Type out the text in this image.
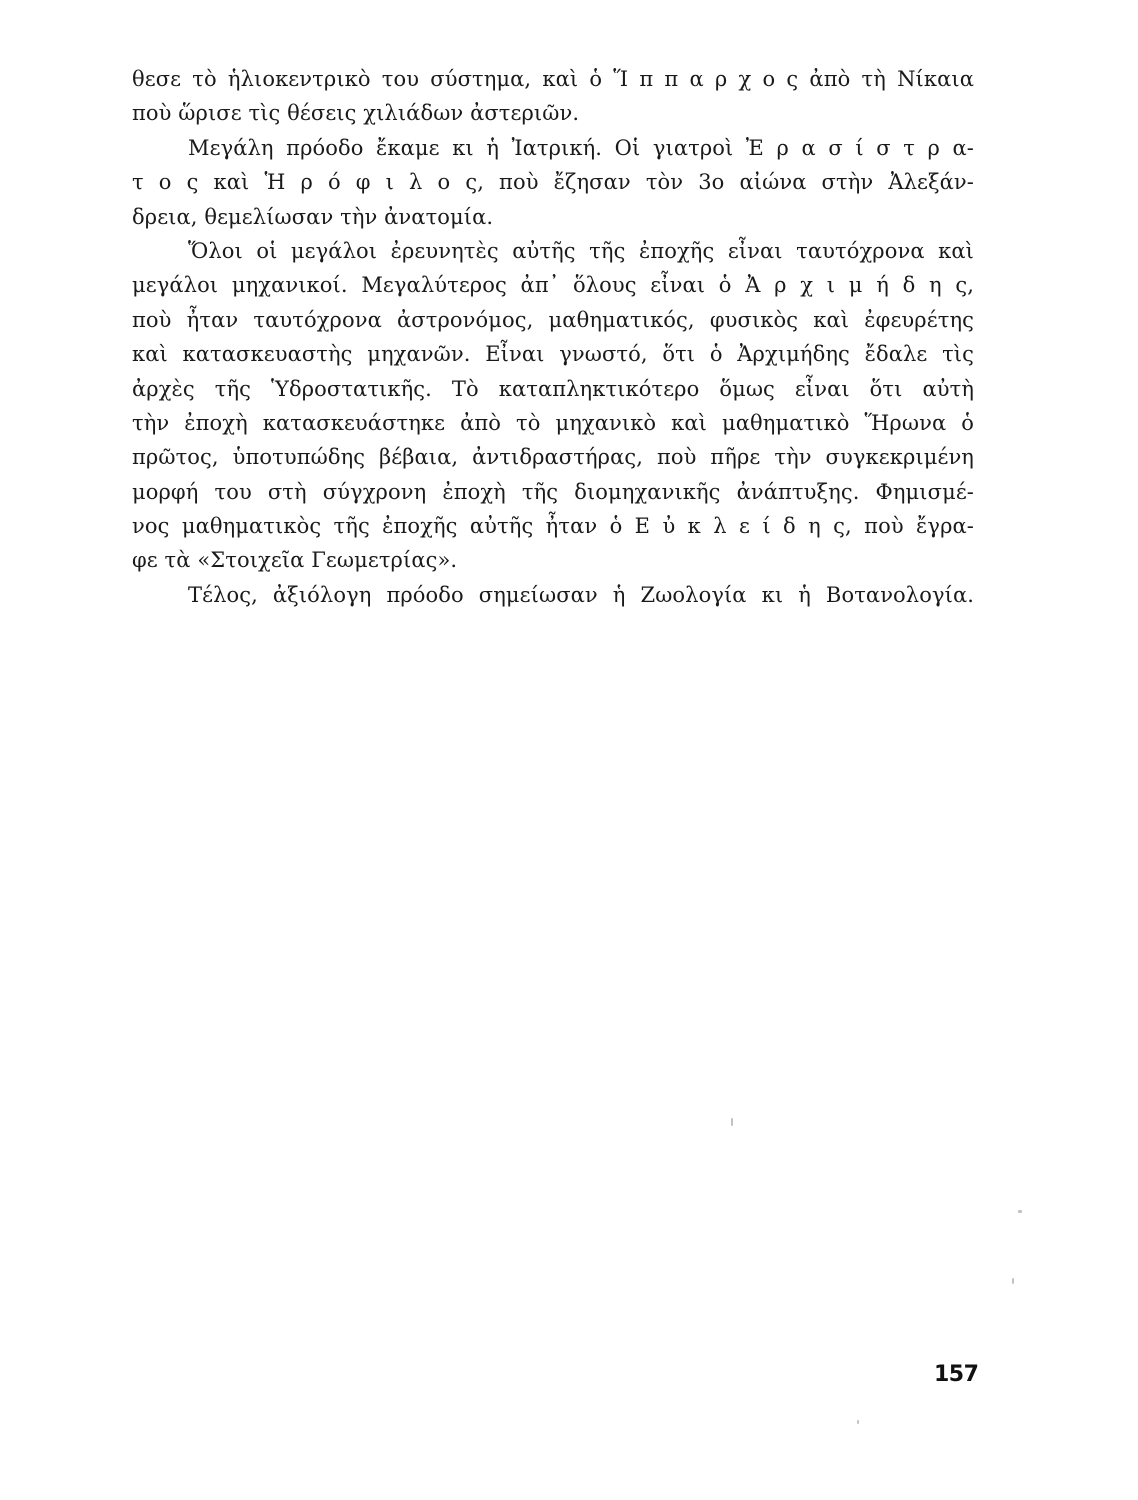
θεσε τὸ ἡλιοκεντρικὸ του σύστημα, καὶ ὁ Ἵ π π α ρ χ ο ς ἀπὸ τὴ Νίκαια
ποὺ ὥρισε τὶς θέσεις χιλιάδων ἀστεριῶν.
Μεγάλη πρόοδο ἔκαμε κι ἡ Ἰατρική. Οἱ γιατροὶ Ἐ ρ α σ ί σ τ ρ α-
τ ο ς καὶ Ἡ ρ ό φ ι λ ο ς, ποὺ ἔζησαν τὸν 3ο αἰώνα στὴν Ἀλεξάν-
δρεια, θεμελίωσαν τὴν ἀνατομία.
Ὅλοι οἱ μεγάλοι ἐρευνητὲς αὐτῆς τῆς ἐποχῆς εἶναι ταυτόχρονα καὶ
μεγάλοι μηχανικοί. Μεγαλύτερος ἀπ᾽ ὅλους εἶναι ὁ Ἀ ρ χ ι μ ή δ η ς,
ποὺ ἦταν ταυτόχρονα ἀστρονόμος, μαθηματικός, φυσικὸς καὶ ἐφευρέτης
καὶ κατασκευαστὴς μηχανῶν. Εἶναι γνωστό, ὅτι ὁ Ἀρχιμήδης ἔδαλε τὶς
ἀρχὲς τῆς Ὑδροστατικῆς. Τὸ καταπληκτικότερο ὅμως εἶναι ὅτι αὐτὴ
τὴν ἐποχὴ κατασκευάστηκε ἀπὸ τὸ μηχανικὸ καὶ μαθηματικὸ Ἥρωνα ὁ
πρῶτος, ὑποτυπώδης βέβαια, ἀντιδραστήρας, ποὺ πῆρε τὴν συγκεκριμένη
μορφή του στὴ σύγχρονη ἐποχὴ τῆς διομηχανικῆς ἀνάπτυξης. Φημισμέ-
νος μαθηματικὸς τῆς ἐποχῆς αὐτῆς ἦταν ὁ Ε ὐ κ λ ε ί δ η ς, ποὺ ἔγρα-
φε τὰ «Στοιχεῖα Γεωμετρίας».
Τέλος, ἀξιόλογη πρόοδο σημείωσαν ἡ Ζωολογία κι ἡ Βοτανολογία.
157
